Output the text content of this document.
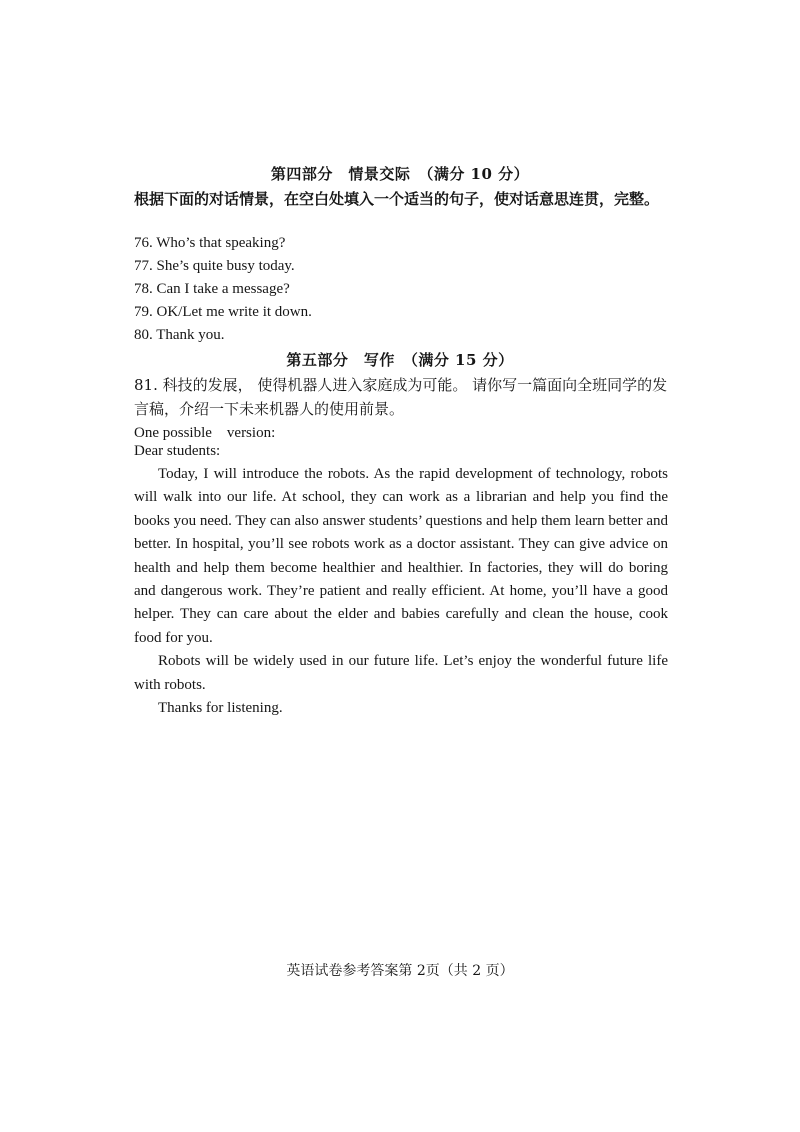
第四部分　情景交际　（满分 10 分）
根据下面的对话情景，在空白处填入一个适当的句子，使对话意思连贯，完整。
76. Who’s that speaking?
77. She’s quite busy today.
78. Can I take a message?
79. OK/Let me write it down.
80. Thank you.
第五部分　写作　（满分 15 分）
81. 科技的发展， 使得机器人进入家庭成为可能。 请你写一篇面向全班同学的发言稿，介绍一下未来机器人的使用前景。
One possible　version:
Dear students:

Today, I will introduce the robots. As the rapid development of technology, robots will walk into our life. At school, they can work as a librarian and help you find the books you need. They can also answer students’ questions and help them learn better and better. In hospital, you’ll see robots work as a doctor assistant. They can give advice on health and help them become healthier and healthier. In factories, they will do boring and dangerous work. They’re patient and really efficient. At home, you’ll have a good helper. They can care about the elder and babies carefully and clean the house, cook food for you.

Robots will be widely used in our future life. Let’s enjoy the wonderful future life with robots.

Thanks for listening.

英语试卷参考答案第 2页（共 2 页）
